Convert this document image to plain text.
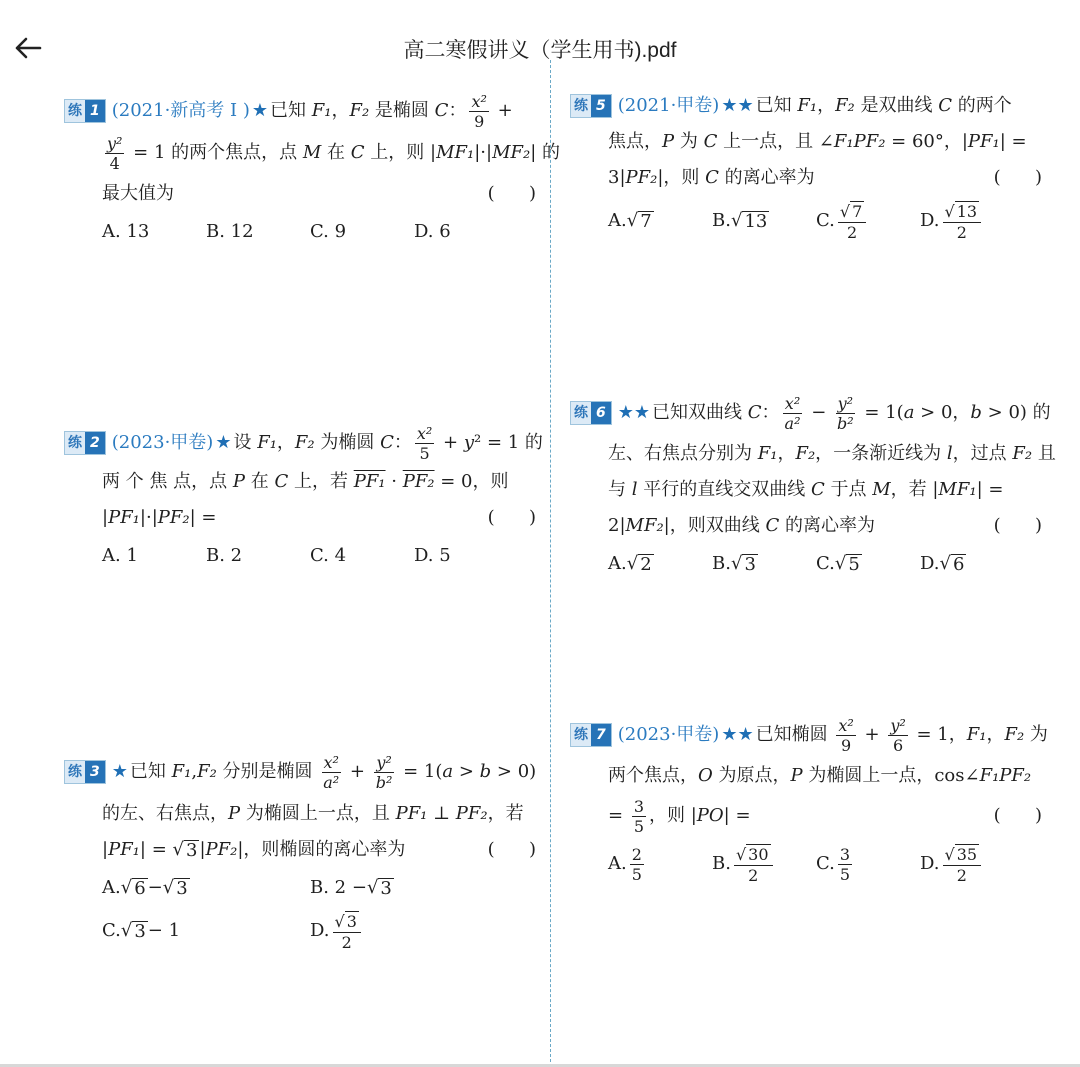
高二寒假讲义（学生用书).pdf
练 1 (2021·新高考 I ) ★ 已知 F₁ ， F₂ 是椭圆 C ： $\frac{\text{x²}}{9}$ +
$\frac{\text{y²}}{4} = 1$ 的两个焦点，点 M 在 C 上，则 | MF₁ |·| MF₂ | 的
最大值为	(      )
A. 13	B. 12	C. 9	D. 6
练 2 (2023·甲卷) ★ 设 F₁ ， F₂ 为椭圆 C ： $\frac{\text{x²}}{5} + y$ ² = 1 的
两 个 焦 点，点 P 在 C 上，若 PF₁ · PF₂ = 0，则
| PF₁ |·| PF₂ | =	(      )
A. 1	B. 2	C. 4	D. 5
练 3 ★ 已知 F₁ , F₂ 分别是椭圆 $\frac{\text{x²}}{\text{a²}} + \frac{\text{y²}}{\text{b²}} = 1$( a > b > 0)
的左、右焦点， P 为椭圆上一点，且 PF₁ ⊥ PF₂ ，若
| PF₁ | = √ 3 | PF₂ |，则椭圆的离心率为	(      )
A. √ 6 − √ 3	B. 2 − √ 3
C. √ 3 − 1	D. $\frac{√ 3}{2}$
练 5 (2021·甲卷) ★★ 已知 F₁ ， F₂ 是双曲线 C 的两个
焦点， P 为 C 上一点，且 ∠ F₁PF₂ = 60°，| PF₁ | =
3| PF₂ |，则 C 的离心率为	(      )
A. √ 7	B. √ 13	C. $\frac{√ 7}{2}$	D. $\frac{√ 13}{2}$
练 6 ★★ 已知双曲线 C ： $\frac{\text{x²}}{\text{a²}} - \frac{\text{y²}}{\text{b²}} = 1$( a > 0， b > 0) 的
左、右焦点分别为 F₁ ， F₂ ，一条渐近线为 l ，过点 F₂ 且
与 l 平行的直线交双曲线 C 于点 M ，若 | MF₁ | =
2| MF₂ |，则双曲线 C 的离心率为	(      )
A. √ 2	B. √ 3	C. √ 5	D. √ 6
练 7 (2023·甲卷) ★★ 已知椭圆 $\frac{\text{x²}}{9} + \frac{\text{y²}}{6} = 1$， F₁ ， F₂ 为
两个焦点， O 为原点， P 为椭圆上一点，cos∠ F₁PF₂
= $\frac{3}{5}$ ，则 | PO | =	(      )
A. $\frac{2}{5}$	B. $\frac{√ 30}{2} C$. $\frac{3}{5}$	D. $\frac{√ 35}{2}$
